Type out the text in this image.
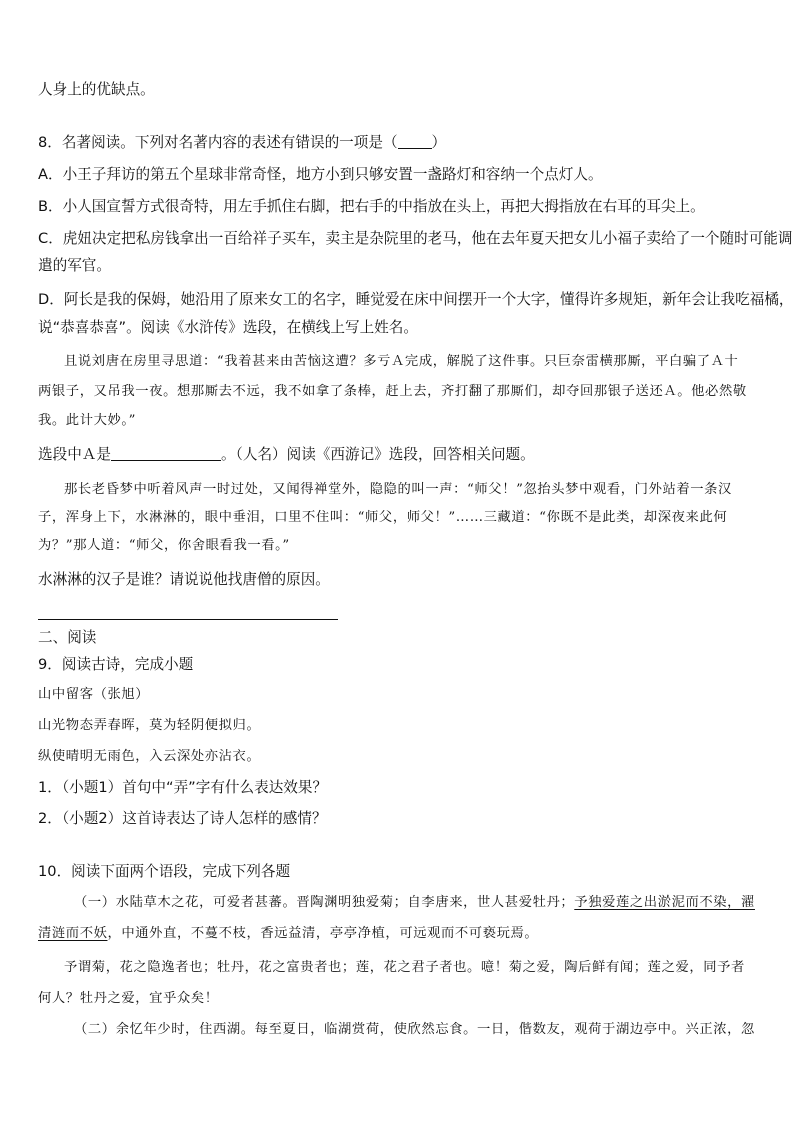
人身上的优缺点。
8．名著阅读。下列对名著内容的表述有错误的一项是（ ）
A．小王子拜访的第五个星球非常奇怪，地方小到只够安置一盏路灯和容纳一个点灯人。
B．小人国宣誓方式很奇特，用左手抓住右脚，把右手的中指放在头上，再把大拇指放在右耳的耳尖上。
C．虎妞决定把私房钱拿出一百给祥子买车，卖主是杂院里的老马，他在去年夏天把女儿小福子卖给了一个随时可能调
遣的军官。
D．阿长是我的保姆，她沿用了原来女工的名字，睡觉爱在床中间摆开一个大字，懂得许多规矩，新年会让我吃福橘，
说“恭喜恭喜”。阅读《水浒传》选段，在横线上写上姓名。
且说刘唐在房里寻思道：“我着甚来由苦恼这遭？多亏Ａ完成，解脱了这件事。只巨奈雷横那厮，平白骗了Ａ十
两银子，又吊我一夜。想那厮去不远，我不如拿了条棒，赶上去，齐打翻了那厮们，却夺回那银子送还Ａ。他必然敬
我。此计大妙。”
选段中Ａ是	。（人名）阅读《西游记》选段，回答相关问题。
那长老昏梦中听着风声一时过处，又闻得禅堂外，隐隐的叫一声：“师父！”忽抬头梦中观看，门外站着一条汉
子，浑身上下，水淋淋的，眼中垂泪，口里不住叫：“师父，师父！”……三藏道：“你既不是此类，却深夜来此何
为？”那人道：“师父，你舍眼看我一看。”
水淋淋的汉子是谁？请说说他找唐僧的原因。
二、阅读
9．阅读古诗，完成小题
山中留客（张旭）
山光物态弄春晖，莫为轻阴便拟归。
纵使晴明无雨色，入云深处亦沾衣。
1．（小题1）首句中“弄”字有什么表达效果？
2．（小题2）这首诗表达了诗人怎样的感情？
10．阅读下面两个语段，完成下列各题
（一）水陆草木之花，可爱者甚蕃。晋陶渊明独爱菊；自李唐来，世人甚爱牡丹；予独爱莲之出淤泥而不染，濯
清涟而不妖，中通外直，不蔓不枝，香远益清，亭亭净植，可远观而不可亵玩焉。
予谓菊，花之隐逸者也；牡丹，花之富贵者也；莲，花之君子者也。噫！菊之爱，陶后鲜有闻；莲之爱，同予者
何人？牡丹之爱，宜乎众矣！
（二）余忆年少时，住西湖。每至夏日，临湖赏荷，使欣然忘食。一日，偕数友，观荷于湖边亭中。兴正浓，忽
